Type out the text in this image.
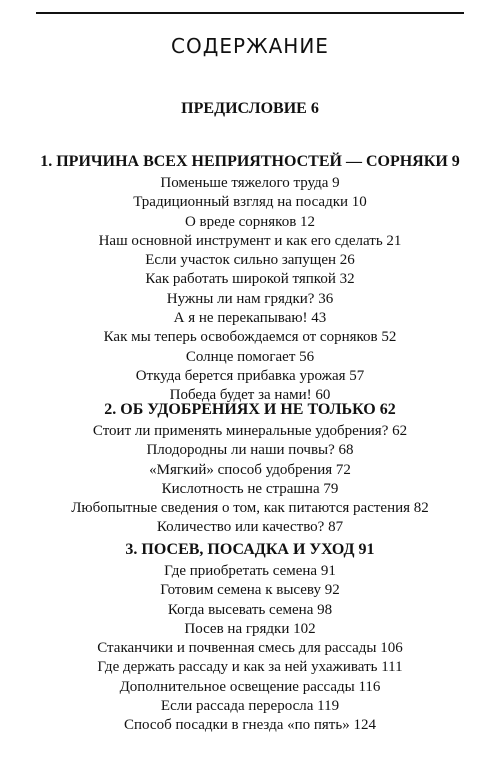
СОДЕРЖАНИЕ
ПРЕДИСЛОВИЕ 6
1. ПРИЧИНА ВСЕХ НЕПРИЯТНОСТЕЙ — СОРНЯКИ 9
Поменьше тяжелого труда 9
Традиционный взгляд на посадки 10
О вреде сорняков 12
Наш основной инструмент и как его сделать 21
Если участок сильно запущен 26
Как работать широкой тяпкой 32
Нужны ли нам грядки? 36
А я не перекапываю! 43
Как мы теперь освобождаемся от сорняков 52
Солнце помогает 56
Откуда берется прибавка урожая 57
Победа будет за нами! 60
2. ОБ УДОБРЕНИЯХ И НЕ ТОЛЬКО 62
Стоит ли применять минеральные удобрения? 62
Плодородны ли наши почвы? 68
«Мягкий» способ удобрения 72
Кислотность не страшна 79
Любопытные сведения о том, как питаются растения 82
Количество или качество? 87
3. ПОСЕВ, ПОСАДКА И УХОД 91
Где приобретать семена 91
Готовим семена к высеву 92
Когда высевать семена 98
Посев на грядки 102
Стаканчики и почвенная смесь для рассады 106
Где держать рассаду и как за ней ухаживать 111
Дополнительное освещение рассады 116
Если рассада переросла 119
Способ посадки в гнезда «по пять» 124
